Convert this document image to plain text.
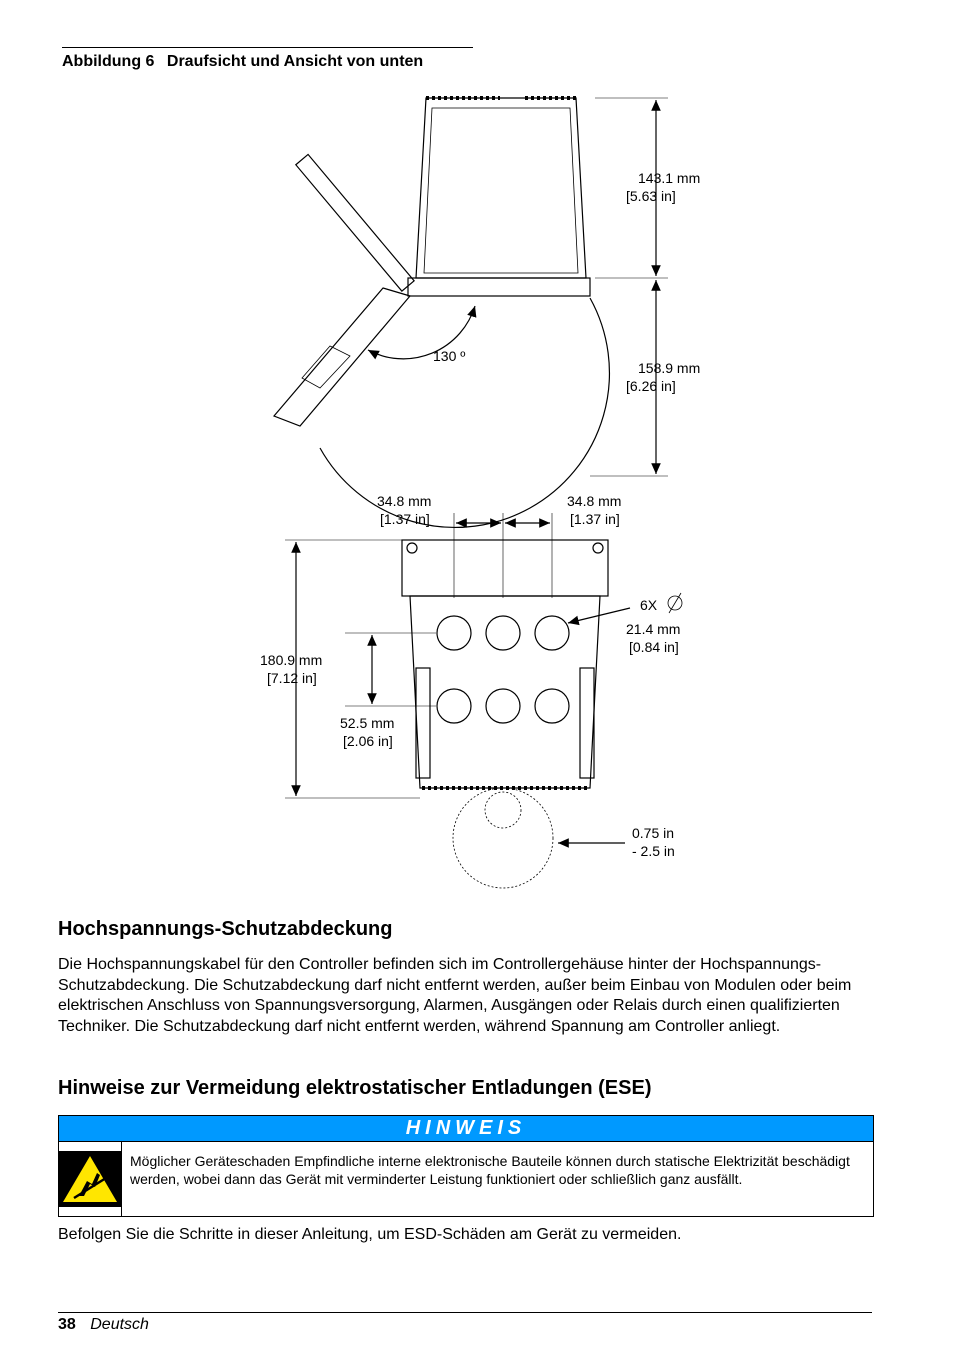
Abbildung 6 Draufsicht und Ansicht von unten
143.1 mm
[5.63 in]
158.9 mm
[6.26 in]
130 º
34.8 mm
[1.37 in]
34.8 mm
[1.37 in]
6X
21.4 mm
[0.84 in]
180.9 mm
[7.12 in]
52.5 mm
[2.06 in]
0.75 in
- 2.5 in
Hochspannungs-Schutzabdeckung

Die Hochspannungskabel für den Controller befinden sich im Controllergehäuse hinter der Hochspannungs-Schutzabdeckung. Die Schutzabdeckung darf nicht entfernt werden, außer beim Einbau von Modulen oder beim elektrischen Anschluss von Spannungsversorgung, Alarmen, Ausgängen oder Relais durch einen qualifizierten Techniker. Die Schutzabdeckung darf nicht entfernt werden, während Spannung am Controller anliegt.

Hinweise zur Vermeidung elektrostatischer Entladungen (ESE)
HINWEIS
Möglicher Geräteschaden Empfindliche interne elektronische Bauteile können durch statische Elektrizität beschädigt werden, wobei dann das Gerät mit verminderter Leistung funktioniert oder schließlich ganz ausfällt.

Befolgen Sie die Schritte in dieser Anleitung, um ESD-Schäden am Gerät zu vermeiden.

38 Deutsch
